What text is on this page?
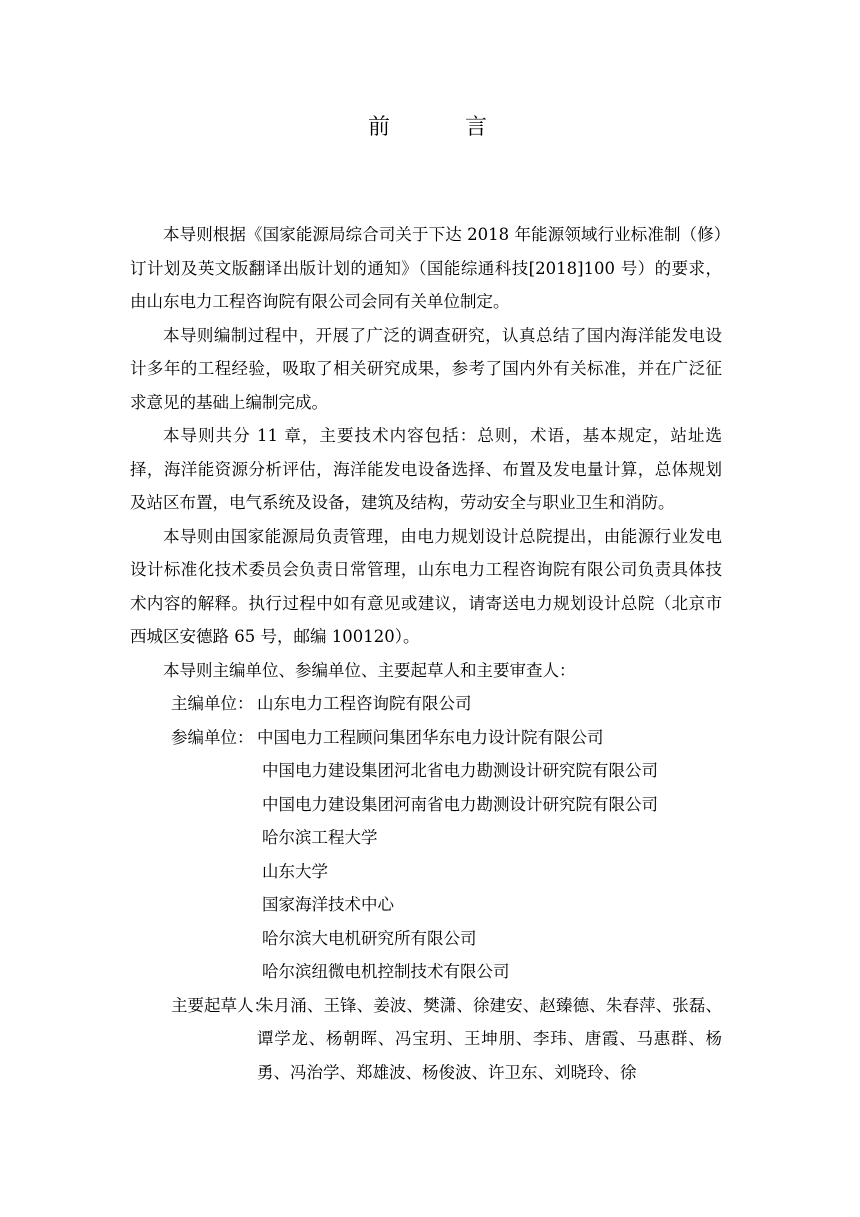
前	言

本导则根据《国家能源局综合司关于下达 2018 年能源领域行业标准制（修）订计划及英文版翻译出版计划的通知》（国能综通科技[2018]100 号）的要求，由山东电力工程咨询院有限公司会同有关单位制定。

本导则编制过程中，开展了广泛的调查研究，认真总结了国内海洋能发电设计多年的工程经验，吸取了相关研究成果，参考了国内外有关标准，并在广泛征求意见的基础上编制完成。

本导则共分 11 章，主要技术内容包括：总则，术语，基本规定，站址选择，海洋能资源分析评估，海洋能发电设备选择、布置及发电量计算，总体规划及站区布置，电气系统及设备，建筑及结构，劳动安全与职业卫生和消防。

本导则由国家能源局负责管理，由电力规划设计总院提出，由能源行业发电设计标准化技术委员会负责日常管理，山东电力工程咨询院有限公司负责具体技术内容的解释。执行过程中如有意见或建议，请寄送电力规划设计总院（北京市西城区安德路 65 号，邮编 100120）。

本导则主编单位、参编单位、主要起草人和主要审查人：

主编单位： 山东电力工程咨询院有限公司
参编单位： 中国电力工程顾问集团华东电力设计院有限公司
中国电力建设集团河北省电力勘测设计研究院有限公司
中国电力建设集团河南省电力勘测设计研究院有限公司
哈尔滨工程大学
山东大学
国家海洋技术中心
哈尔滨大电机研究所有限公司
哈尔滨纽微电机控制技术有限公司
主要起草人：
朱月涌、王锋、姜波、樊潇、徐建安、赵臻德、朱春萍、张磊、谭学龙、杨朝晖、冯宝玥、王坤朋、李玮、唐霞、马惠群、杨勇、冯治学、郑雄波、杨俊波、许卫东、刘晓玲、徐
